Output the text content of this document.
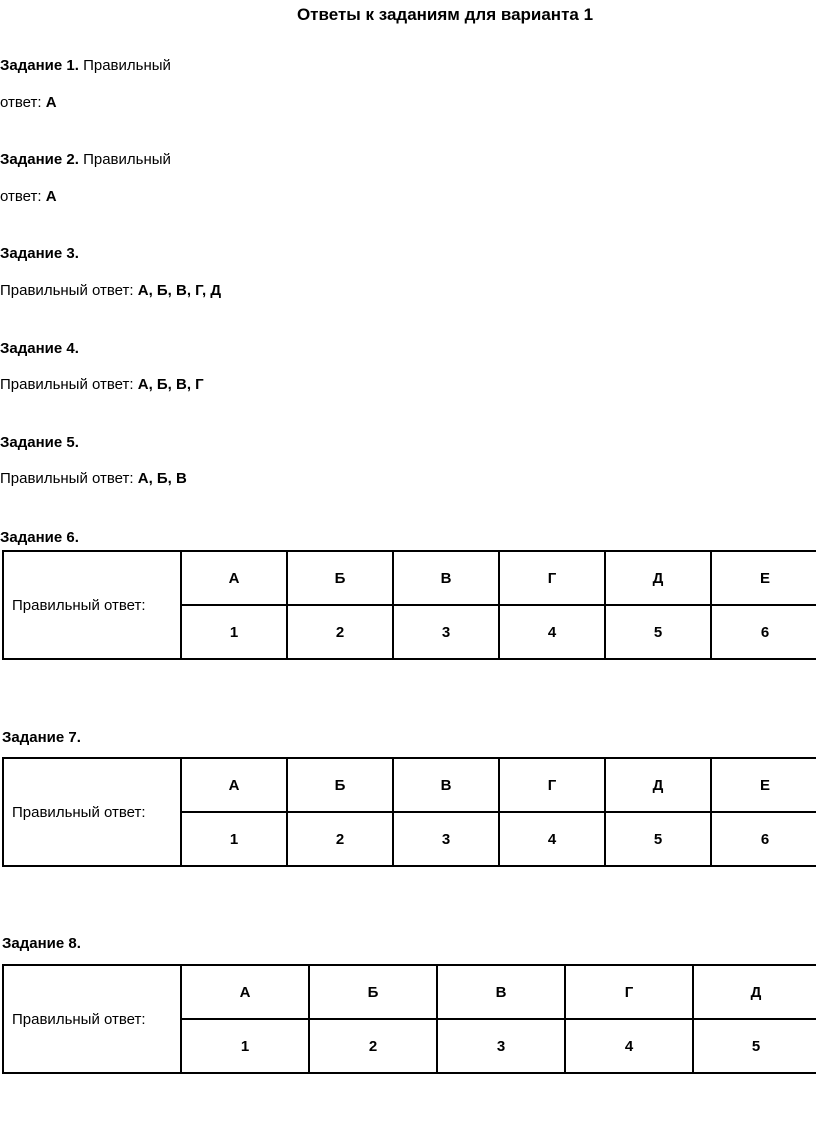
Ответы к заданиям для варианта 1
Задание 1. Правильный
ответ: А
Задание 2. Правильный
ответ: А
Задание 3.
Правильный ответ: А, Б, В, Г, Д
Задание 4.
Правильный ответ: А, Б, В, Г
Задание 5.
Правильный ответ: А, Б, В
Задание 6.
Правильный ответ:	А	Б	В	Г	Д	Е
	1	2	3	4	5	6
Задание 7.
Правильный ответ:	А	Б	В	Г	Д	Е
	1	2	3	4	5	6
Задание 8.
Правильный ответ:	А	Б	В	Г	Д
	1	2	3	4	5
